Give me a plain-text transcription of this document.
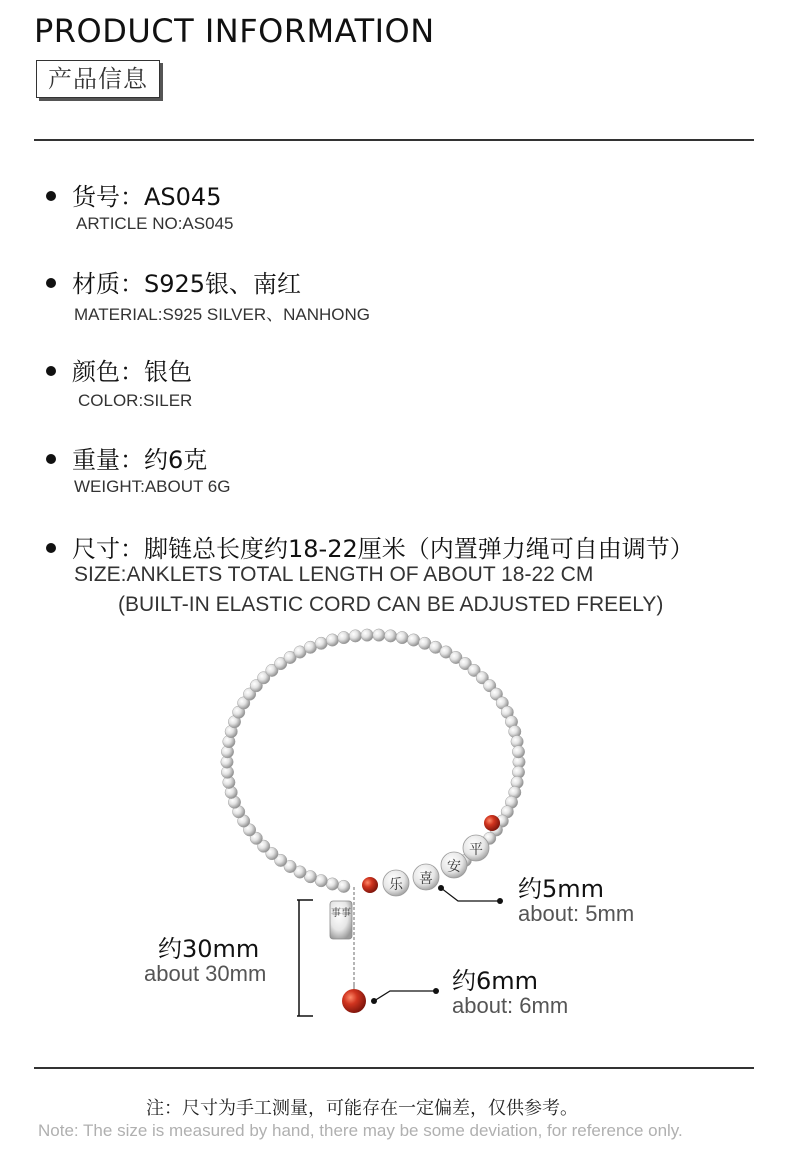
PRODUCT INFORMATION
产品信息
货号：AS045
ARTICLE NO:AS045
材质：S925银、南红
MATERIAL:S925 SILVER、NANHONG
颜色：银色
COLOR:SILER
重量：约6克
WEIGHT:ABOUT 6G
尺寸：脚链总长度约18-22厘米（内置弹力绳可自由调节）
SIZE:ANKLETS TOTAL LENGTH OF ABOUT 18-22 CM
(BUILT-IN ELASTIC CORD CAN BE ADJUSTED FREELY)
乐 喜
安
平
事事
约5mm
about: 5mm
约30mm
about 30mm	约6mm
about: 6mm
注：尺寸为手工测量，可能存在一定偏差，仅供参考。
Note: The size is measured by hand, there may be some deviation, for reference only.
